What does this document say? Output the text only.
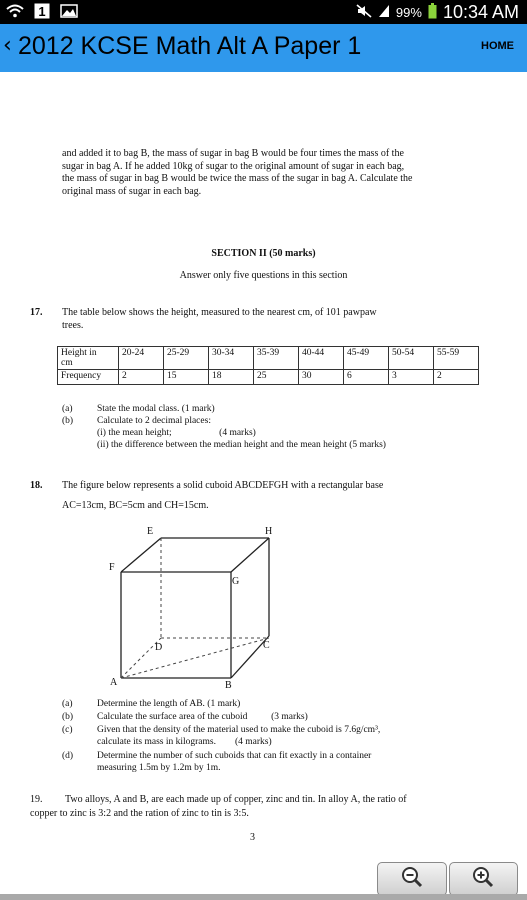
1	99% 10:34 AM
‹ 2012 KCSE Math Alt A Paper 1	HOME
and added it to bag B, the mass of sugar in bag B would be four times the mass of the
sugar in bag A. If he added 10kg of sugar to the original amount of sugar in each bag,
the mass of sugar in bag B would be twice the mass of the sugar in bag A. Calculate the
original mass of sugar in each bag.
SECTION II (50 marks)
Answer only five questions in this section
17. The table below shows the height, measured to the nearest cm, of 101 pawpaw
trees.
Height in
cm	20-24	25-29	30-34	35-39	40-44	45-49	50-54	55-59
Frequency	2	15	18	25	30	6	3	2
(a)	State the modal class. (1 mark)
(b)	Calculate to 2 decimal places:
(i) the mean height;                    (4 marks)
(ii) the difference between the median height and the mean height (5 marks)
18. The figure below represents a solid cuboid ABCDEFGH with a rectangular base
AC=13cm, BC=5cm and CH=15cm.
E	H
F
G
D	C
A	B
(a)	Determine the length of AB. (1 mark)
(b)	Calculate the surface area of the cuboid          (3 marks)
(c)	Given that the density of the material used to make the cuboid is 7.6g/cm³,
calculate its mass in kilograms.        (4 marks)
(d)	Determine the number of such cuboids that can fit exactly in a container
measuring 1.5m by 1.2m by 1m.
19. Two alloys, A and B, are each made up of copper, zinc and tin. In alloy A, the ratio of
copper to zinc is 3:2 and the ration of zinc to tin is 3:5.
3
